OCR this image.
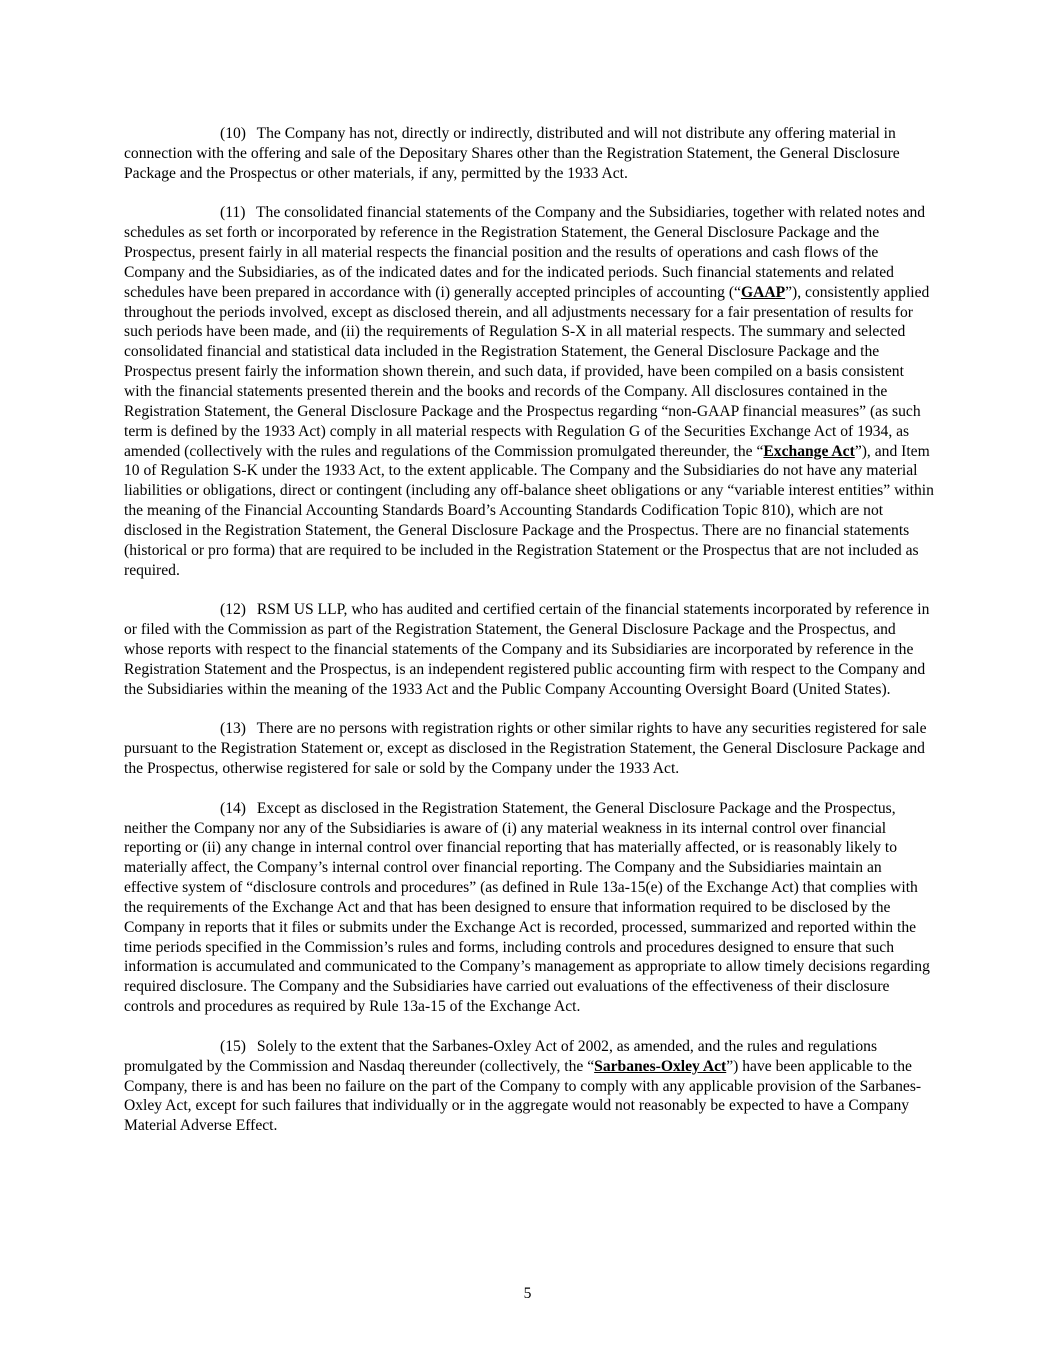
(10) The Company has not, directly or indirectly, distributed and will not distribute any offering material in connection with the offering and sale of the Depositary Shares other than the Registration Statement, the General Disclosure Package and the Prospectus or other materials, if any, permitted by the 1933 Act.

(11) The consolidated financial statements of the Company and the Subsidiaries, together with related notes and schedules as set forth or incorporated by reference in the Registration Statement, the General Disclosure Package and the Prospectus, present fairly in all material respects the financial position and the results of operations and cash flows of the Company and the Subsidiaries, as of the indicated dates and for the indicated periods. Such financial statements and related schedules have been prepared in accordance with (i) generally accepted principles of accounting (“GAAP”), consistently applied throughout the periods involved, except as disclosed therein, and all adjustments necessary for a fair presentation of results for such periods have been made, and (ii) the requirements of Regulation S-X in all material respects. The summary and selected consolidated financial and statistical data included in the Registration Statement, the General Disclosure Package and the Prospectus present fairly the information shown therein, and such data, if provided, have been compiled on a basis consistent with the financial statements presented therein and the books and records of the Company. All disclosures contained in the Registration Statement, the General Disclosure Package and the Prospectus regarding “non-GAAP financial measures” (as such term is defined by the 1933 Act) comply in all material respects with Regulation G of the Securities Exchange Act of 1934, as amended (collectively with the rules and regulations of the Commission promulgated thereunder, the “Exchange Act”), and Item 10 of Regulation S-K under the 1933 Act, to the extent applicable. The Company and the Subsidiaries do not have any material liabilities or obligations, direct or contingent (including any off-balance sheet obligations or any “variable interest entities” within the meaning of the Financial Accounting Standards Board’s Accounting Standards Codification Topic 810), which are not disclosed in the Registration Statement, the General Disclosure Package and the Prospectus. There are no financial statements (historical or pro forma) that are required to be included in the Registration Statement or the Prospectus that are not included as required.

(12) RSM US LLP, who has audited and certified certain of the financial statements incorporated by reference in or filed with the Commission as part of the Registration Statement, the General Disclosure Package and the Prospectus, and whose reports with respect to the financial statements of the Company and its Subsidiaries are incorporated by reference in the Registration Statement and the Prospectus, is an independent registered public accounting firm with respect to the Company and the Subsidiaries within the meaning of the 1933 Act and the Public Company Accounting Oversight Board (United States).

(13) There are no persons with registration rights or other similar rights to have any securities registered for sale pursuant to the Registration Statement or, except as disclosed in the Registration Statement, the General Disclosure Package and the Prospectus, otherwise registered for sale or sold by the Company under the 1933 Act.

(14) Except as disclosed in the Registration Statement, the General Disclosure Package and the Prospectus, neither the Company nor any of the Subsidiaries is aware of (i) any material weakness in its internal control over financial reporting or (ii) any change in internal control over financial reporting that has materially affected, or is reasonably likely to materially affect, the Company’s internal control over financial reporting. The Company and the Subsidiaries maintain an effective system of “disclosure controls and procedures” (as defined in Rule 13a-15(e) of the Exchange Act) that complies with the requirements of the Exchange Act and that has been designed to ensure that information required to be disclosed by the Company in reports that it files or submits under the Exchange Act is recorded, processed, summarized and reported within the time periods specified in the Commission’s rules and forms, including controls and procedures designed to ensure that such information is accumulated and communicated to the Company’s management as appropriate to allow timely decisions regarding required disclosure. The Company and the Subsidiaries have carried out evaluations of the effectiveness of their disclosure controls and procedures as required by Rule 13a-15 of the Exchange Act.

(15) Solely to the extent that the Sarbanes-Oxley Act of 2002, as amended, and the rules and regulations promulgated by the Commission and Nasdaq thereunder (collectively, the “Sarbanes-Oxley Act”) have been applicable to the Company, there is and has been no failure on the part of the Company to comply with any applicable provision of the Sarbanes-Oxley Act, except for such failures that individually or in the aggregate would not reasonably be expected to have a Company Material Adverse Effect.

5
